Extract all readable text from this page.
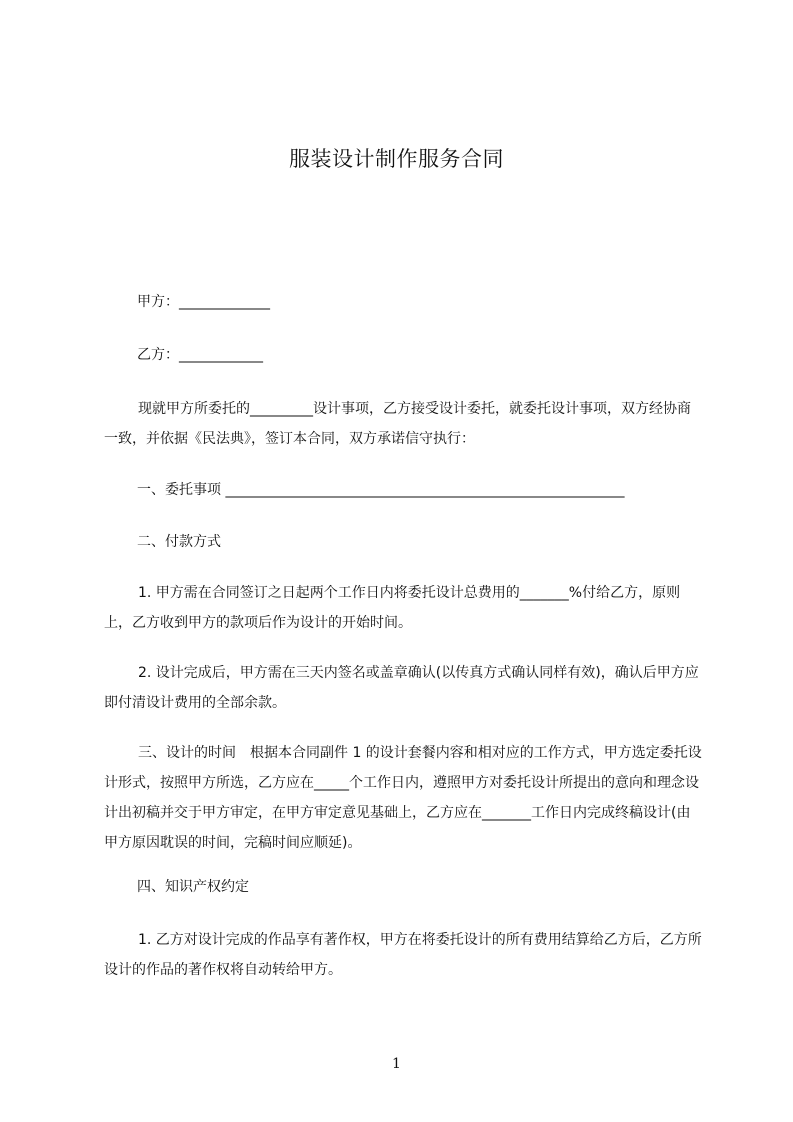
服装设计制作服务合同
甲方：_____________
乙方：____________
现就甲方所委托的_________设计事项，乙方接受设计委托，就委托设计事项，双方经协商一致，并依据《民法典》，签订本合同，双方承诺信守执行：
一、委托事项 _________________________________________________________
二、付款方式
1. 甲方需在合同签订之日起两个工作日内将委托设计总费用的_______%付给乙方，原则上，乙方收到甲方的款项后作为设计的开始时间。
2. 设计完成后，甲方需在三天内签名或盖章确认(以传真方式确认同样有效)，确认后甲方应即付清设计费用的全部余款。
三、设计的时间　根据本合同副件 1 的设计套餐内容和相对应的工作方式，甲方选定委托设计形式，按照甲方所选，乙方应在_____个工作日内，遵照甲方对委托设计所提出的意向和理念设计出初稿并交于甲方审定，在甲方审定意见基础上，乙方应在_______工作日内完成终稿设计(由甲方原因耽误的时间，完稿时间应顺延)。
四、知识产权约定
1. 乙方对设计完成的作品享有著作权，甲方在将委托设计的所有费用结算给乙方后，乙方所设计的作品的著作权将自动转给甲方。
1
